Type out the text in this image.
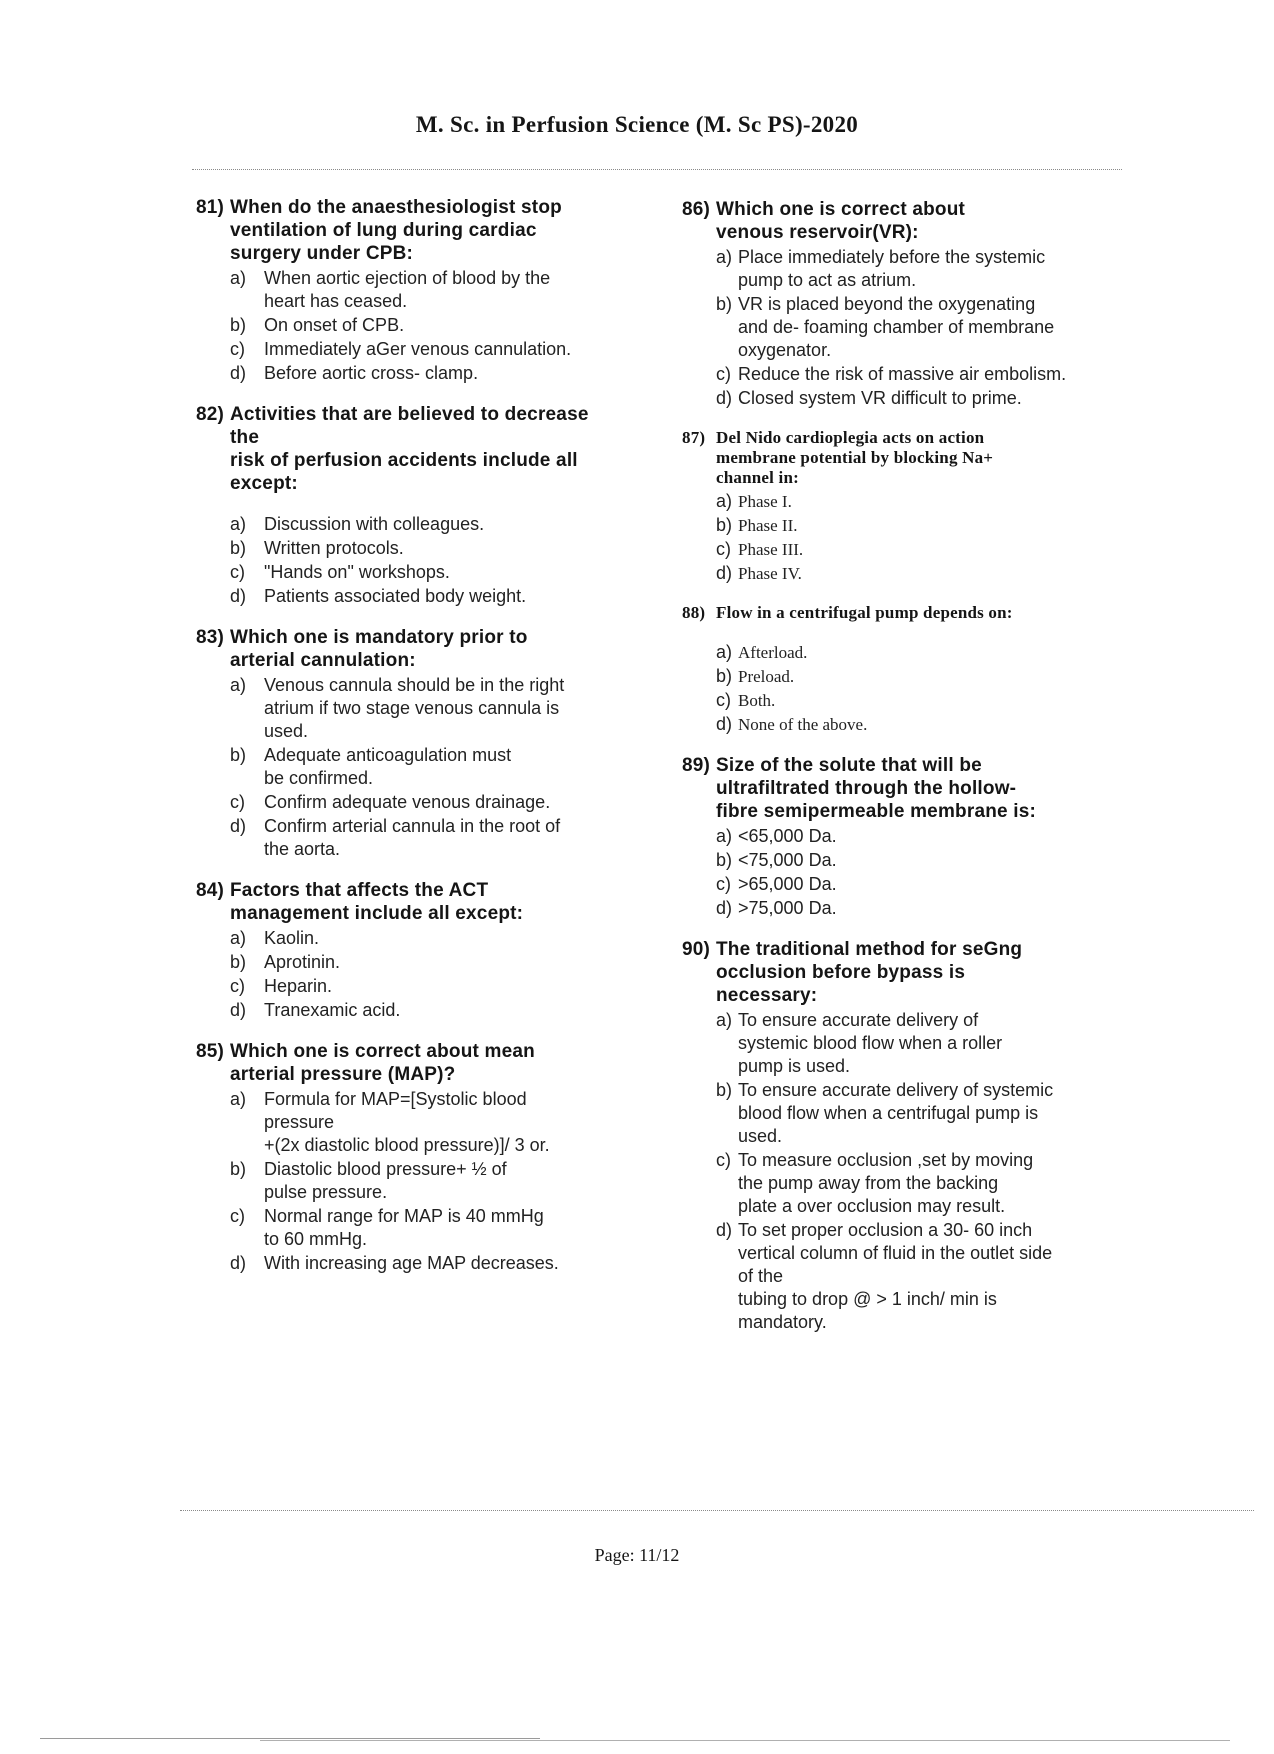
M. Sc. in Perfusion Science (M. Sc PS)-2020
81) When do the anaesthesiologist stop
ventilation of lung during cardiac
surgery under CPB:
a) When aortic ejection of blood by the
heart has ceased.
b) On onset of CPB.
c)	Immediately aGer venous cannulation.
d) Before aortic cross- clamp.
82) Activities that are believed to decrease
the
risk of perfusion accidents include all
except:
a) Discussion with colleagues.
b) Written protocols.
c)	"Hands on" workshops.
d) Patients associated body weight.
83) Which one is mandatory prior to
arterial cannulation:
a) Venous cannula should be in the right
atrium if two stage venous cannula is
used.
b) Adequate anticoagulation must
be confirmed.
c)	Confirm adequate venous drainage.
d) Confirm arterial cannula in the root of
the aorta.
84) Factors that affects the ACT
management include all except:
a) Kaolin.
b) Aprotinin.
c)	Heparin.
d) Tranexamic acid.
85) Which one is correct about mean
arterial pressure (MAP)?
a) Formula for MAP=[Systolic blood
pressure
+(2x diastolic blood pressure)]/ 3 or.
b) Diastolic blood pressure+ ½ of
pulse pressure.
c)	Normal range for MAP is 40 mmHg
to 60 mmHg.
d) With increasing age MAP decreases.
86) Which one is correct about
venous reservoir(VR):
a) Place immediately before the systemic
pump to act as atrium.
b) VR is placed beyond the oxygenating
and de- foaming chamber of membrane
oxygenator.
c) Reduce the risk of massive air embolism.
d) Closed system VR difficult to prime.
87) Del Nido cardioplegia acts on action
membrane potential by blocking Na+
channel in:
a) Phase I.
b) Phase II.
c) Phase III.
d) Phase IV.
88) Flow in a centrifugal pump depends on:
a) Afterload.
b) Preload.
c) Both.
d) None of the above.
89) Size of the solute that will be
ultrafiltrated through the hollow-
fibre semipermeable membrane is:
a) <65,000 Da.
b) <75,000 Da.
c) >65,000 Da.
d) >75,000 Da.
90) The traditional method for seGng
occlusion before bypass is
necessary:
a) To ensure accurate delivery of
systemic blood flow when a roller
pump is used.
b) To ensure accurate delivery of systemic
blood flow when a centrifugal pump is
used.
c) To measure occlusion ,set by moving
the pump away from the backing
plate a over occlusion may result.
d) To set proper occlusion a 30- 60 inch
vertical column of fluid in the outlet side
of the
tubing to drop @ > 1 inch/ min is
mandatory.
Page: 11/12
